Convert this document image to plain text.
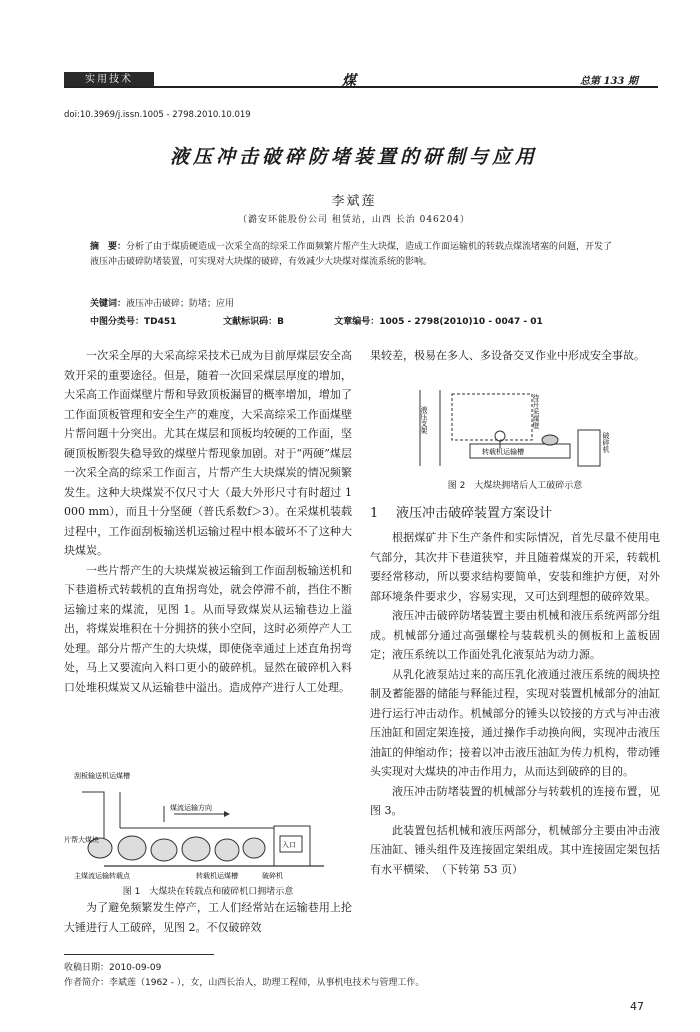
实用技术	煤	总第 133 期
doi:10.3969/j.issn.1005 - 2798.2010.10.019
液压冲击破碎防堵装置的研制与应用
李斌莲
（潞安环能股份公司 租赁站，山西 长治 046204）
摘　要：分析了由于煤质硬造成一次采全高的综采工作面频繁片帮产生大块煤，造成工作面运输机的转载点煤流堵塞的问题，开发了液压冲击破碎防堵装置，可实现对大块煤的破碎，有效减少大块煤对煤流系统的影响。
关键词：液压冲击破碎；防堵；应用
中图分类号：TD451	文献标识码：B	文章编号：1005 - 2798(2010)10 - 0047 - 01

一次采全厚的大采高综采技术已成为目前厚煤层安全高效开采的重要途径。但是，随着一次回采煤层厚度的增加，大采高工作面煤壁片帮和导致顶板漏冒的概率增加，增加了工作面顶板管理和安全生产的难度，大采高综采工作面煤壁片帮问题十分突出。尤其在煤层和顶板均较硬的工作面，坚硬顶板断裂失稳导致的煤壁片帮现象加剧。对于“两硬”煤层一次采全高的综采工作面言，片帮产生大块煤炭的情况频繁发生。这种大块煤炭不仅尺寸大（最大外形尺寸有时超过 1 000 mm），而且十分坚硬（普氏系数f＞3）。在采煤机装载过程中，工作面刮板输送机运输过程中根本破坏不了这种大块煤炭。

一些片帮产生的大块煤炭被运输到工作面刮板输送机和下巷道桥式转载机的直角拐弯处，就会停滞不前，挡住不断运输过来的煤流，见图 1。从而导致煤炭从运输巷边上溢出，将煤炭堆积在十分拥挤的狭小空间，这时必须停产人工处理。部分片帮产生的大块煤，即使侥幸通过上述直角拐弯处，马上又要流向入料口更小的破碎机。显然在破碎机入料口处堆积煤炭又从运输巷中溢出。造成停产进行人工处理。

刮板输送机运煤槽
煤流运输方向
片帮大煤块
入口
主煤流运输转载点	转载机运煤槽	破碎机
图 1　大煤块在转载点和破碎机口拥堵示意

为了避免频繁发生停产，工人们经常站在运输巷用上抡大锤进行人工破碎，见图 2。不仅破碎效

果较差，极易在多人、多设备交叉作业中形成安全事故。

液压支架	待开采煤壁
转载机运输槽	破碎机
图 2　大煤块拥堵后人工破碎示意
1 液压冲击破碎装置方案设计

根据煤矿井下生产条件和实际情况，首先尽量不使用电气部分，其次井下巷道狭窄，并且随着煤炭的开采，转载机要经常移动，所以要求结构要简单，安装和维护方便，对外部环境条件要求少，容易实现，又可达到理想的破碎效果。

液压冲击破碎防堵装置主要由机械和液压系统两部分组成。机械部分通过高强螺栓与装载机头的侧板和上盖板固定；液压系统以工作面处乳化液泵站为动力源。

从乳化液泵站过来的高压乳化液通过液压系统的阀块控制及蓄能器的储能与释能过程，实现对装置机械部分的油缸进行运行冲击动作。机械部分的锤头以铰接的方式与冲击液压油缸和固定架连接，通过操作手动换向阀，实现冲击液压油缸的伸缩动作；接着以冲击液压油缸为传力机构，带动锤头实现对大煤块的冲击作用力，从而达到破碎的目的。

液压冲击防堵装置的机械部分与转载机的连接布置，见图 3。

此装置包括机械和液压两部分，机械部分主要由冲击液压油缸、锤头组件及连接固定架组成。其中连接固定架包括有水平横梁、　（下转第 53 页）

收稿日期：2010-09-09
作者简介：李斌莲（1962 - ），女，山西长治人，助理工程师，从事机电技术与管理工作。
47
